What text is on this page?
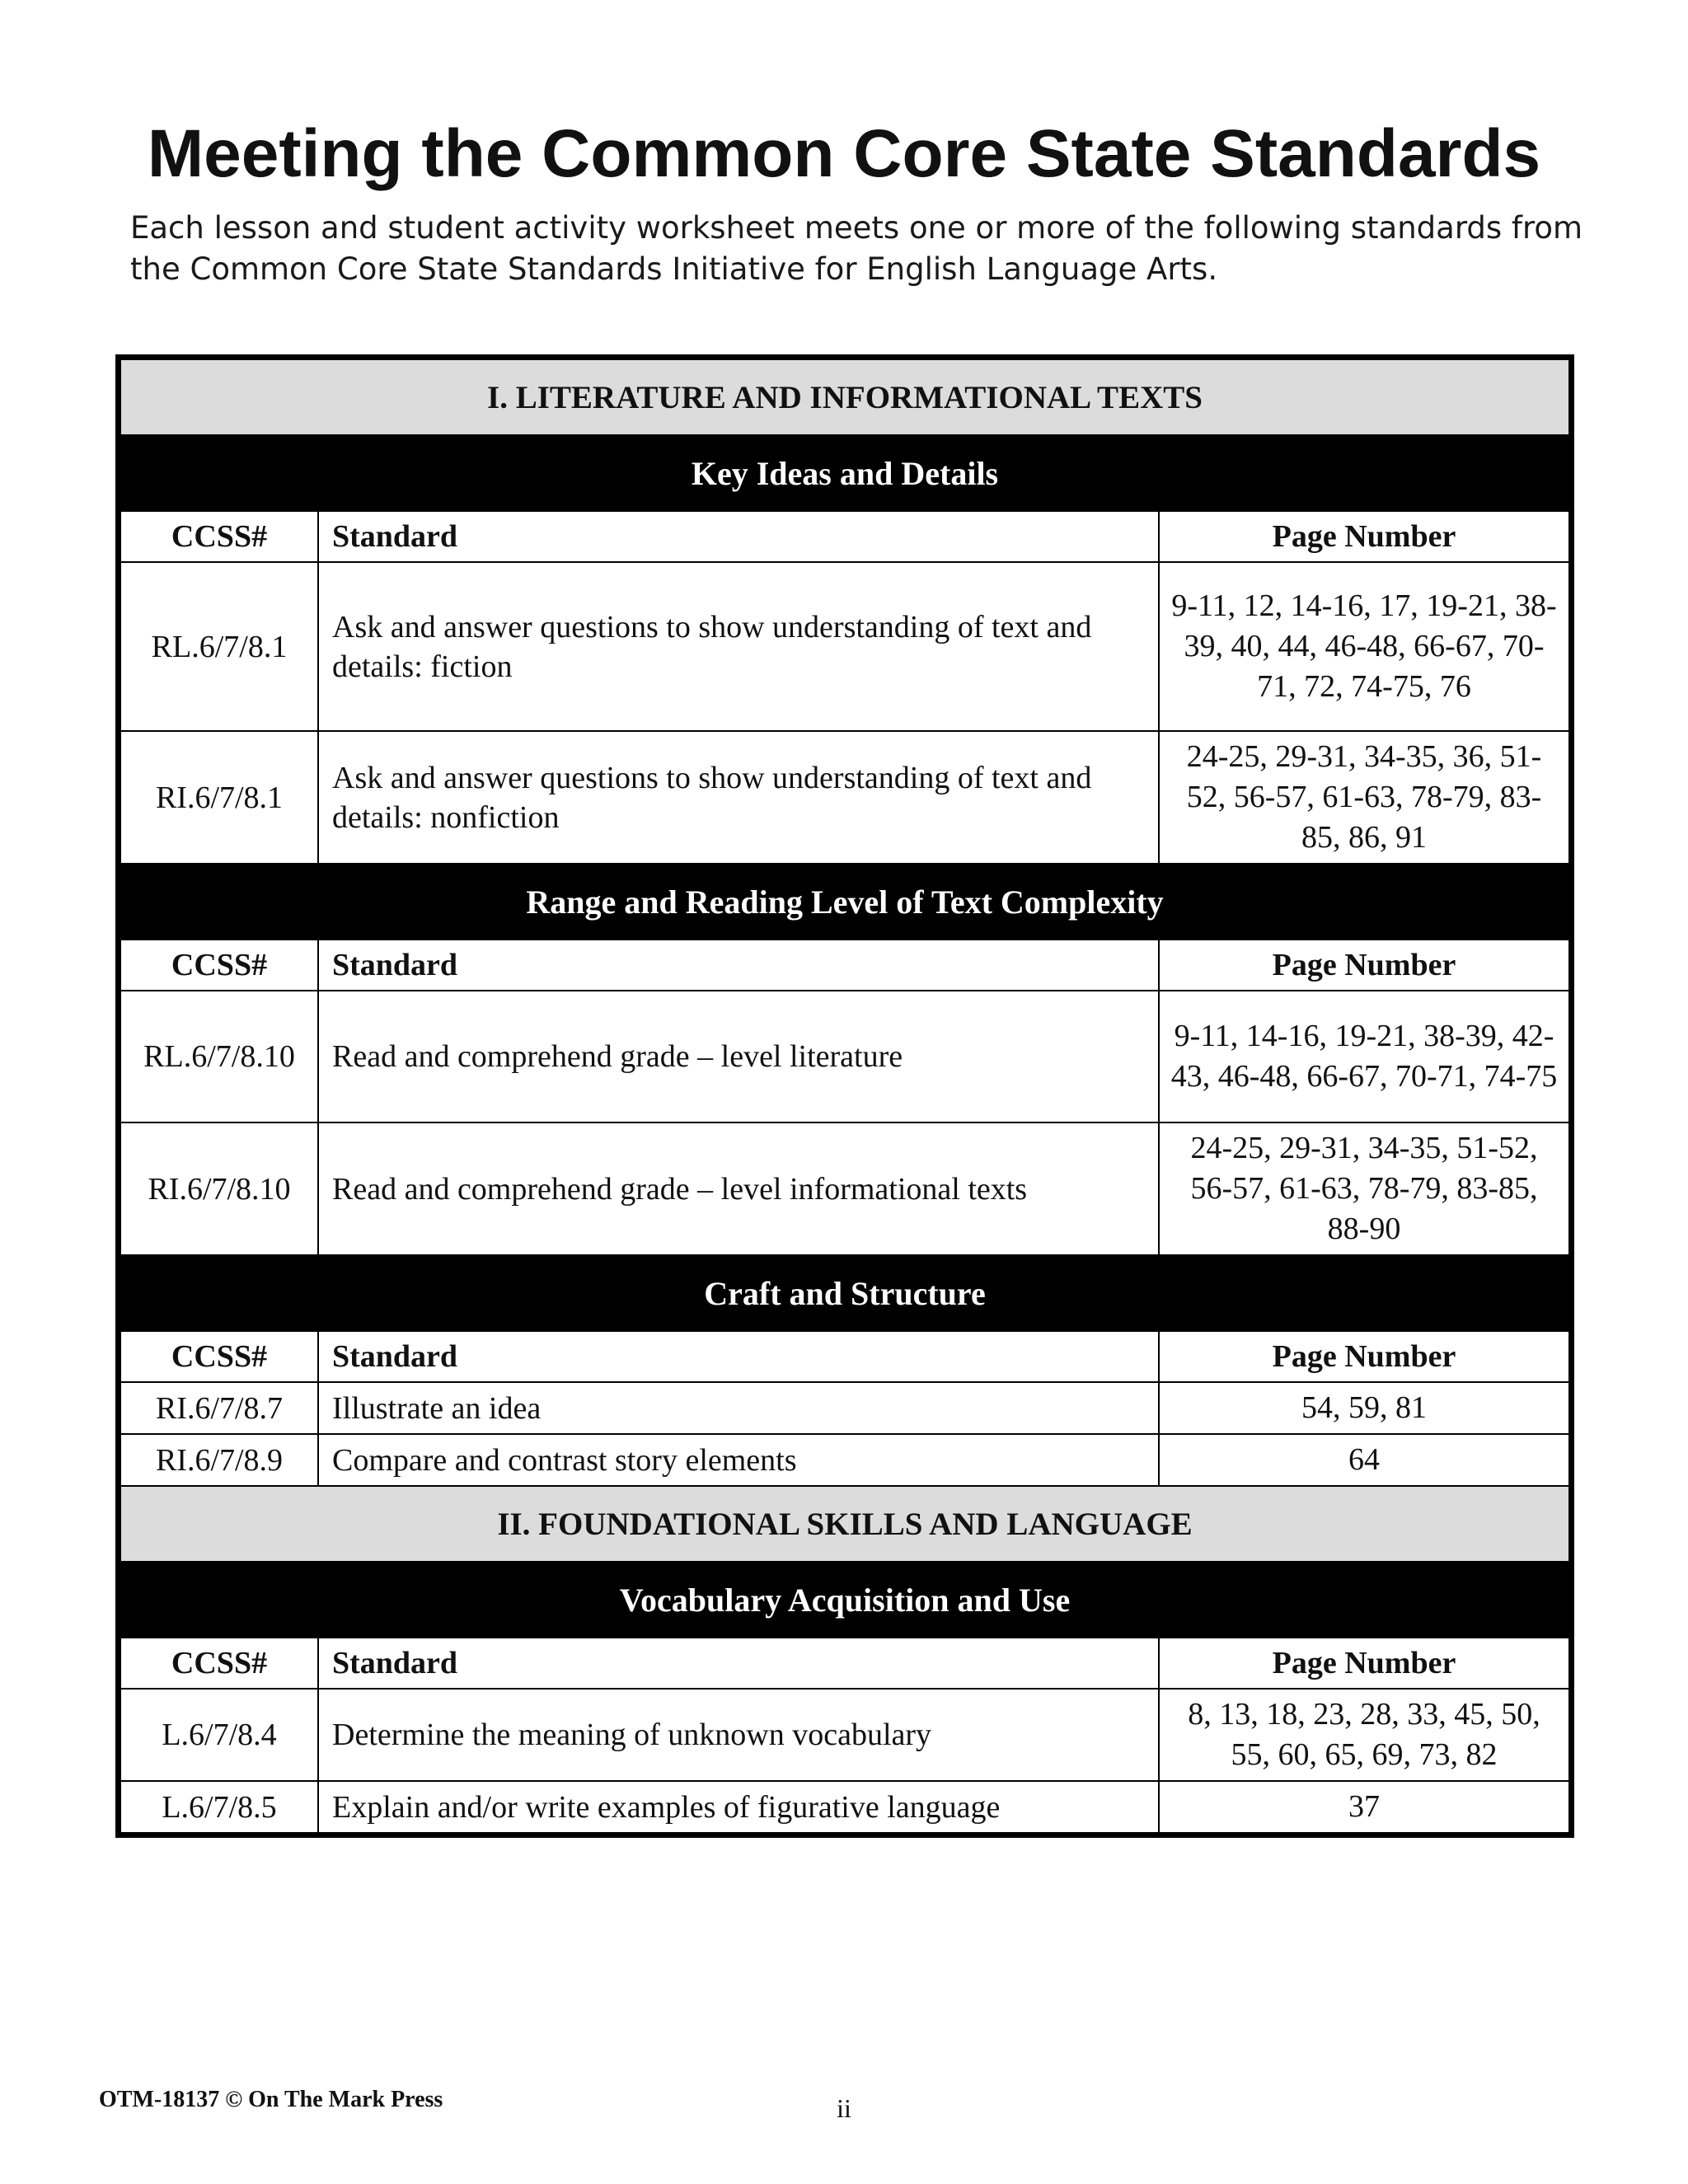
Meeting the Common Core State Standards

Each lesson and student activity worksheet meets one or more of the following standards from the Common Core State Standards Initiative for English Language Arts.

I. LITERATURE AND INFORMATIONAL TEXTS		
Key Ideas and Details		
CCSS#	Standard	Page Number
RL.6/7/8.1	Ask and answer questions to show understanding of text and details: fiction	9-11, 12, 14-16, 17, 19-21, 38-39, 40, 44, 46-48, 66-67, 70-71, 72, 74-75, 76
RI.6/7/8.1	Ask and answer questions to show understanding of text and details: nonfiction	24-25, 29-31, 34-35, 36, 51-52, 56-57, 61-63, 78-79, 83-85, 86, 91
Range and Reading Level of Text Complexity		
CCSS#	Standard	Page Number
RL.6/7/8.10	Read and comprehend grade – level literature	9-11, 14-16, 19-21, 38-39, 42-43, 46-48, 66-67, 70-71, 74-75
RI.6/7/8.10	Read and comprehend grade – level informational texts	24-25, 29-31, 34-35, 51-52, 56-57, 61-63, 78-79, 83-85, 88-90
Craft and Structure		
CCSS#	Standard	Page Number
RI.6/7/8.7	Illustrate an idea	54, 59, 81
RI.6/7/8.9	Compare and contrast story elements	64
II. FOUNDATIONAL SKILLS AND LANGUAGE		
Vocabulary Acquisition and Use		
CCSS#	Standard	Page Number
L.6/7/8.4	Determine the meaning of unknown vocabulary	8, 13, 18, 23, 28, 33, 45, 50, 55, 60, 65, 69, 73, 82
L.6/7/8.5	Explain and/or write examples of figurative language	37
OTM-18137 © On The Mark Press	ii
